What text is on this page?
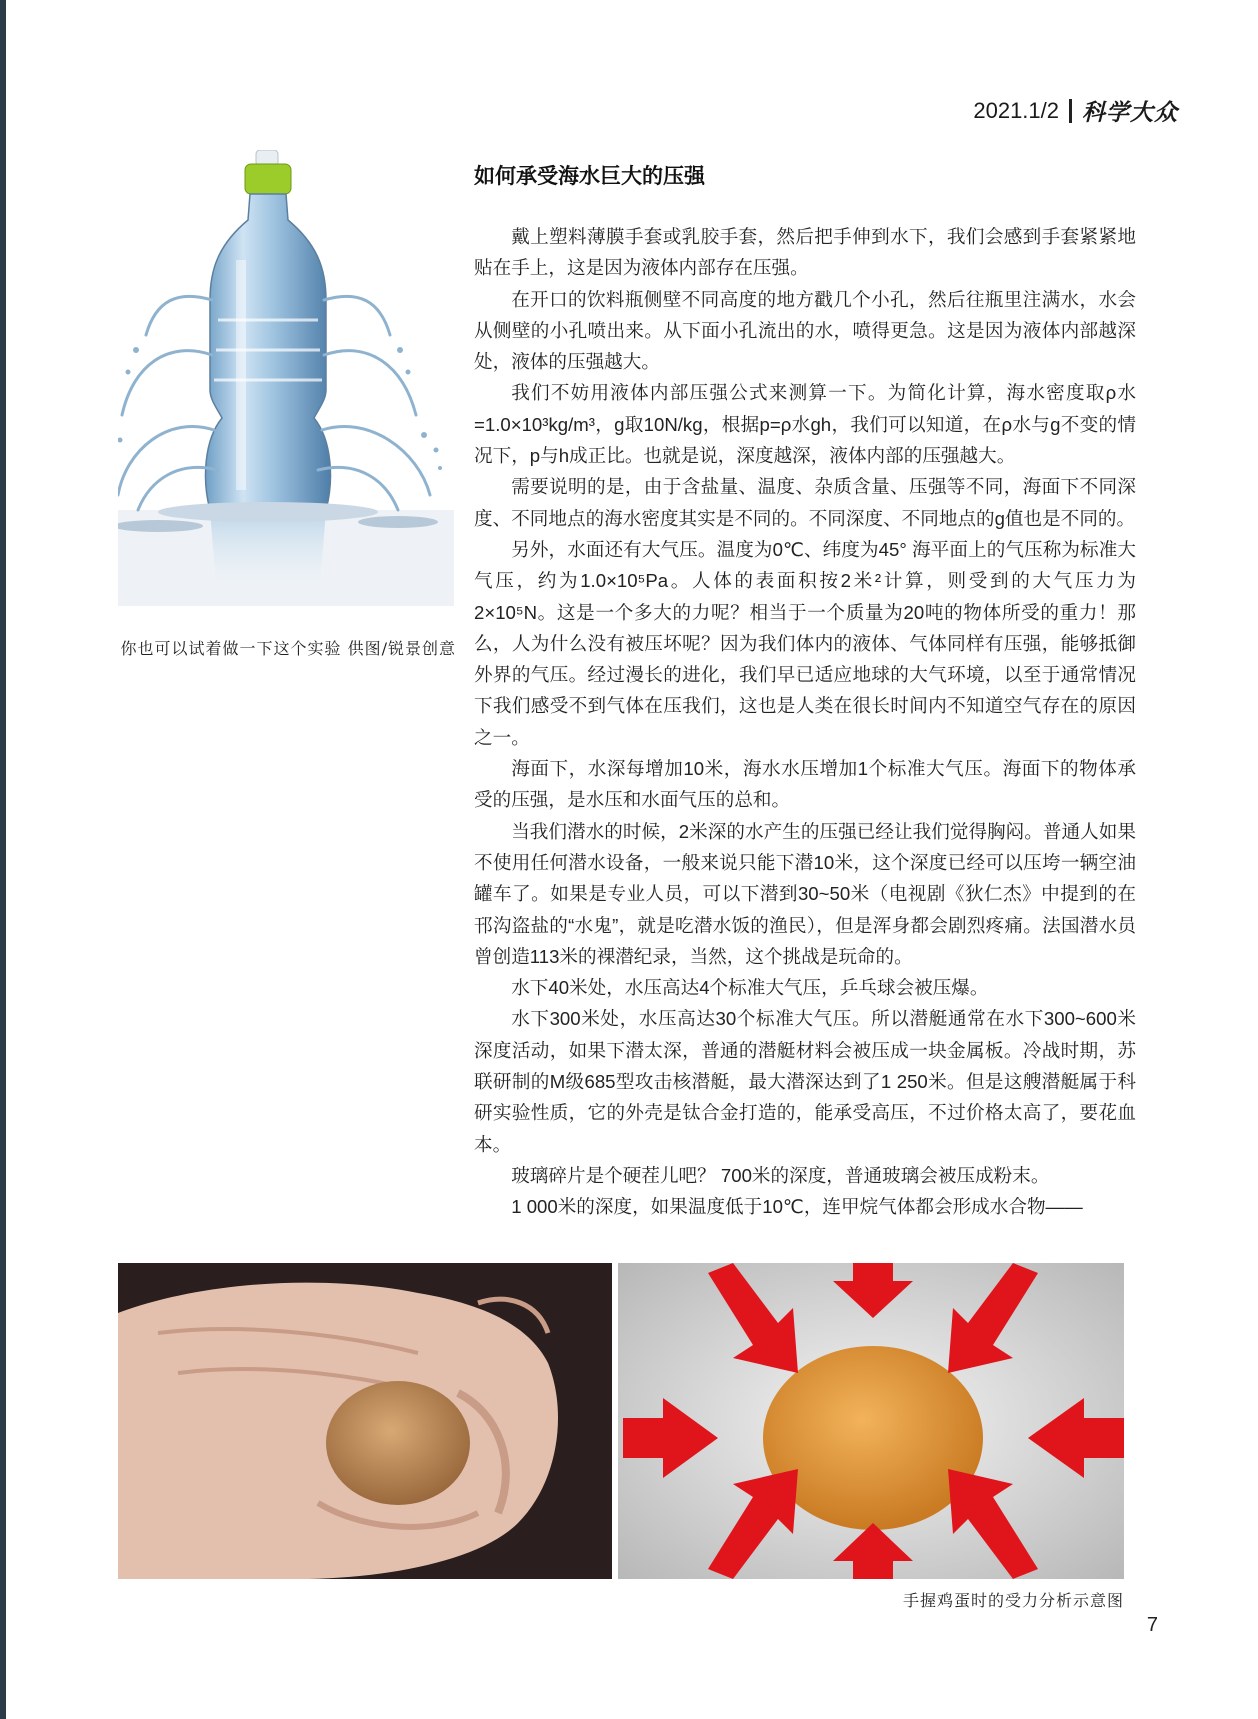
2021.1/2 科学大众
你也可以试着做一下这个实验 供图/锐景创意
如何承受海水巨大的压强

戴上塑料薄膜手套或乳胶手套，然后把手伸到水下，我们会感到手套紧紧地贴在手上，这是因为液体内部存在压强。

在开口的饮料瓶侧壁不同高度的地方戳几个小孔，然后往瓶里注满水，水会从侧壁的小孔喷出来。从下面小孔流出的水，喷得更急。这是因为液体内部越深处，液体的压强越大。

我们不妨用液体内部压强公式来测算一下。为简化计算，海水密度取ρ水=1.0×10³kg/m³，g取10N/kg，根据p=ρ水gh，我们可以知道，在ρ水与g不变的情况下，p与h成正比。也就是说，深度越深，液体内部的压强越大。

需要说明的是，由于含盐量、温度、杂质含量、压强等不同，海面下不同深度、不同地点的海水密度其实是不同的。不同深度、不同地点的g值也是不同的。

另外，水面还有大气压。温度为0℃、纬度为45° 海平面上的气压称为标准大气压，约为1.0×10⁵Pa。人体的表面积按2米²计算，则受到的大气压力为2×10⁵N。这是一个多大的力呢？相当于一个质量为20吨的物体所受的重力！那么，人为什么没有被压坏呢？因为我们体内的液体、气体同样有压强，能够抵御外界的气压。经过漫长的进化，我们早已适应地球的大气环境，以至于通常情况下我们感受不到气体在压我们，这也是人类在很长时间内不知道空气存在的原因之一。

海面下，水深每增加10米，海水水压增加1个标准大气压。海面下的物体承受的压强，是水压和水面气压的总和。

当我们潜水的时候，2米深的水产生的压强已经让我们觉得胸闷。普通人如果不使用任何潜水设备，一般来说只能下潜10米，这个深度已经可以压垮一辆空油罐车了。如果是专业人员，可以下潜到30~50米（电视剧《狄仁杰》中提到的在邗沟盗盐的“水鬼”，就是吃潜水饭的渔民），但是浑身都会剧烈疼痛。法国潜水员曾创造113米的裸潜纪录，当然，这个挑战是玩命的。

水下40米处，水压高达4个标准大气压，乒乓球会被压爆。

水下300米处，水压高达30个标准大气压。所以潜艇通常在水下300~600米深度活动，如果下潜太深，普通的潜艇材料会被压成一块金属板。冷战时期，苏联研制的M级685型攻击核潜艇，最大潜深达到了1 250米。但是这艘潜艇属于科研实验性质，它的外壳是钛合金打造的，能承受高压，不过价格太高了，要花血本。

玻璃碎片是个硬茬儿吧？ 700米的深度，普通玻璃会被压成粉末。

1 000米的深度，如果温度低于10℃，连甲烷气体都会形成水合物——

手握鸡蛋时的受力分析示意图
7
